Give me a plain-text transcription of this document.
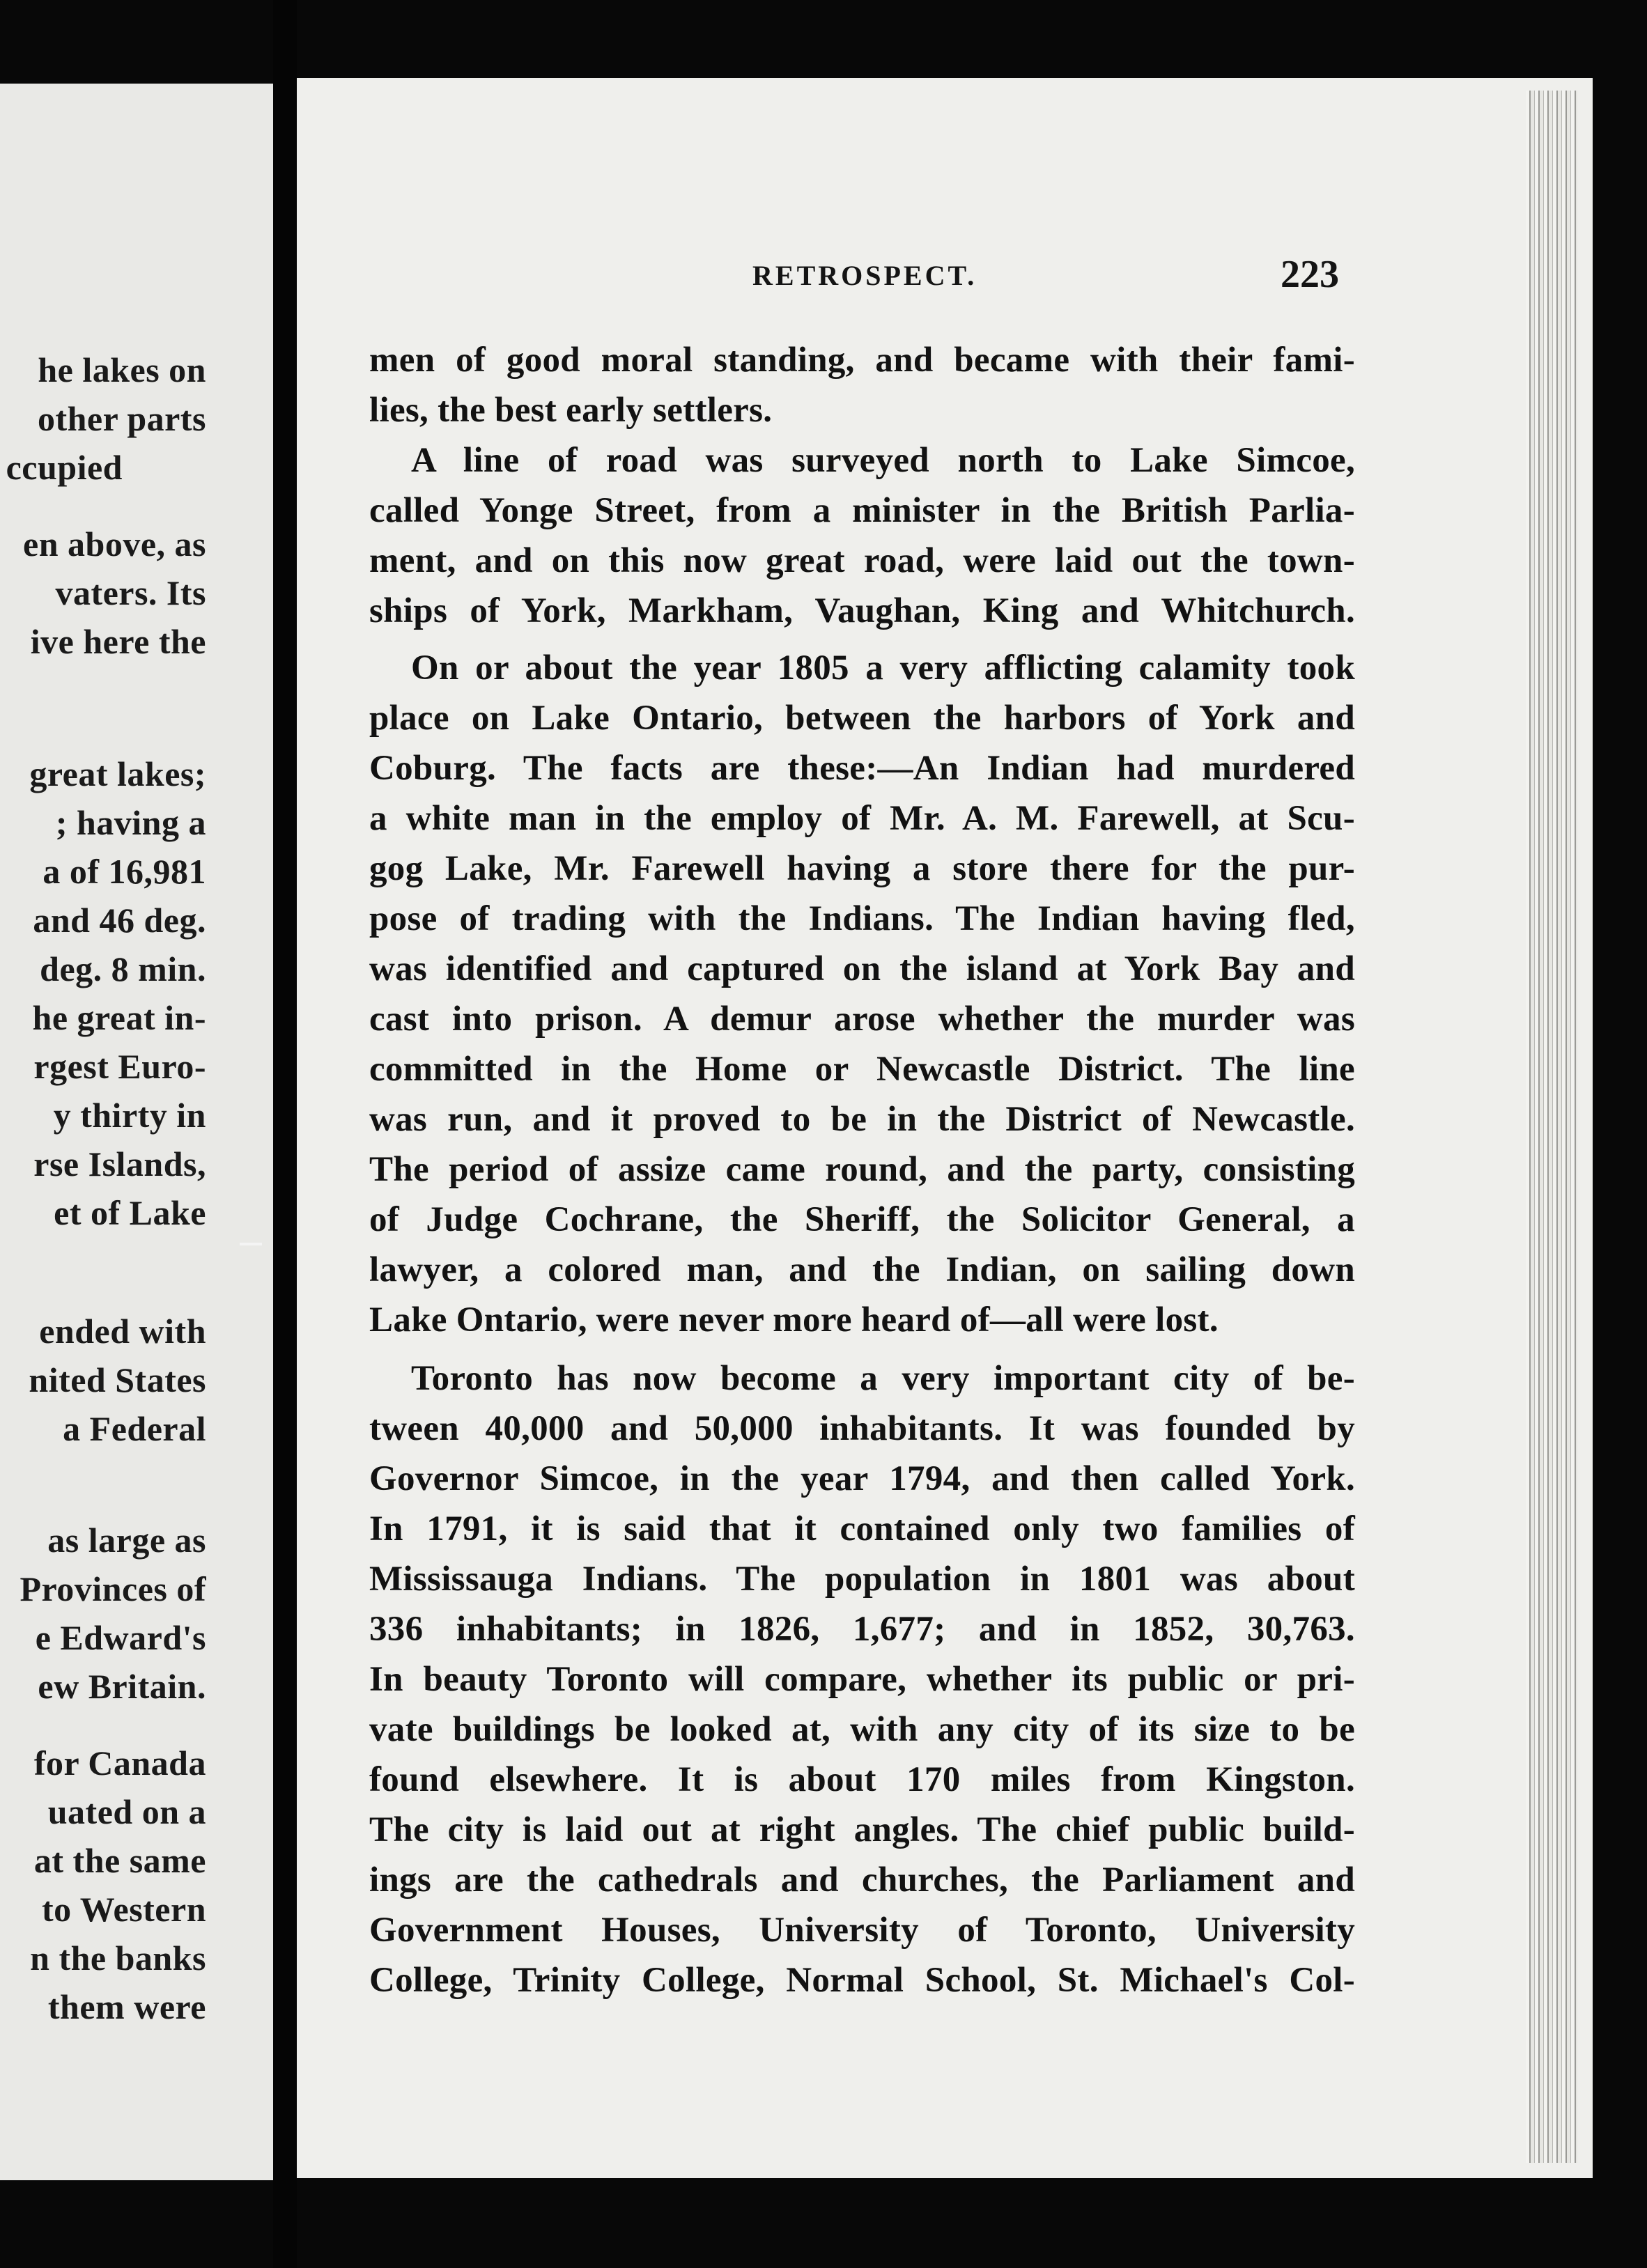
he lakes on
other parts
ccupied
en above, as
vaters. Its
ive here the
great lakes;
; having a
a of 16,981
and 46 deg.
deg. 8 min.
he great in-
rgest Euro-
y thirty in
rse Islands,
et of Lake
ended with
nited States
a Federal
as large as
Provinces of
e Edward's
ew Britain.
for Canada
uated on a
at the same
to Western
n the banks
them were
RETROSPECT.	223
men of good moral standing, and became with their fami-
lies, the best early settlers.
A line of road was surveyed north to Lake Simcoe,
called Yonge Street, from a minister in the British Parlia-
ment, and on this now great road, were laid out the town-
ships of York, Markham, Vaughan, King and Whitchurch.
On or about the year 1805 a very afflicting calamity took
place on Lake Ontario, between the harbors of York and
Coburg. The facts are these:—An Indian had murdered
a white man in the employ of Mr. A. M. Farewell, at Scu-
gog Lake, Mr. Farewell having a store there for the pur-
pose of trading with the Indians. The Indian having fled,
was identified and captured on the island at York Bay and
cast into prison. A demur arose whether the murder was
committed in the Home or Newcastle District. The line
was run, and it proved to be in the District of Newcastle.
The period of assize came round, and the party, consisting
of Judge Cochrane, the Sheriff, the Solicitor General, a
lawyer, a colored man, and the Indian, on sailing down
Lake Ontario, were never more heard of—all were lost.
Toronto has now become a very important city of be-
tween 40,000 and 50,000 inhabitants. It was founded by
Governor Simcoe, in the year 1794, and then called York.
In 1791, it is said that it contained only two families of
Mississauga Indians. The population in 1801 was about
336 inhabitants; in 1826, 1,677; and in 1852, 30,763.
In beauty Toronto will compare, whether its public or pri-
vate buildings be looked at, with any city of its size to be
found elsewhere. It is about 170 miles from Kingston.
The city is laid out at right angles. The chief public build-
ings are the cathedrals and churches, the Parliament and
Government Houses, University of Toronto, University
College, Trinity College, Normal School, St. Michael's Col-
